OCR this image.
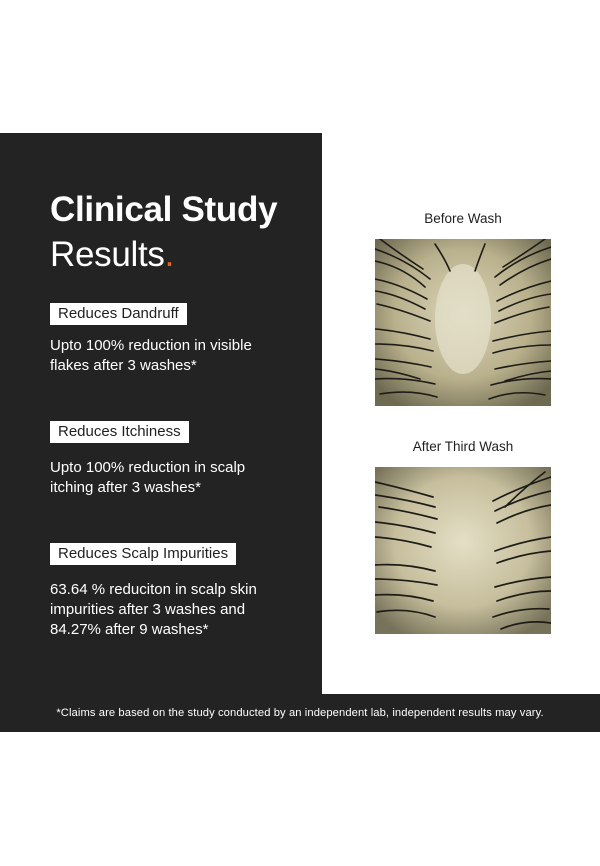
Clinical Study
Results.
Reduces Dandruff
Upto 100% reduction in visible
flakes after 3 washes*
Reduces Itchiness
Upto 100% reduction in scalp
itching after 3 washes*
Reduces Scalp Impurities
63.64 % reduciton in scalp skin
impurities after 3 washes and
84.27% after 9 washes*
Before Wash
After Third Wash
*Claims are based on the study conducted by an independent lab, independent results may vary.
